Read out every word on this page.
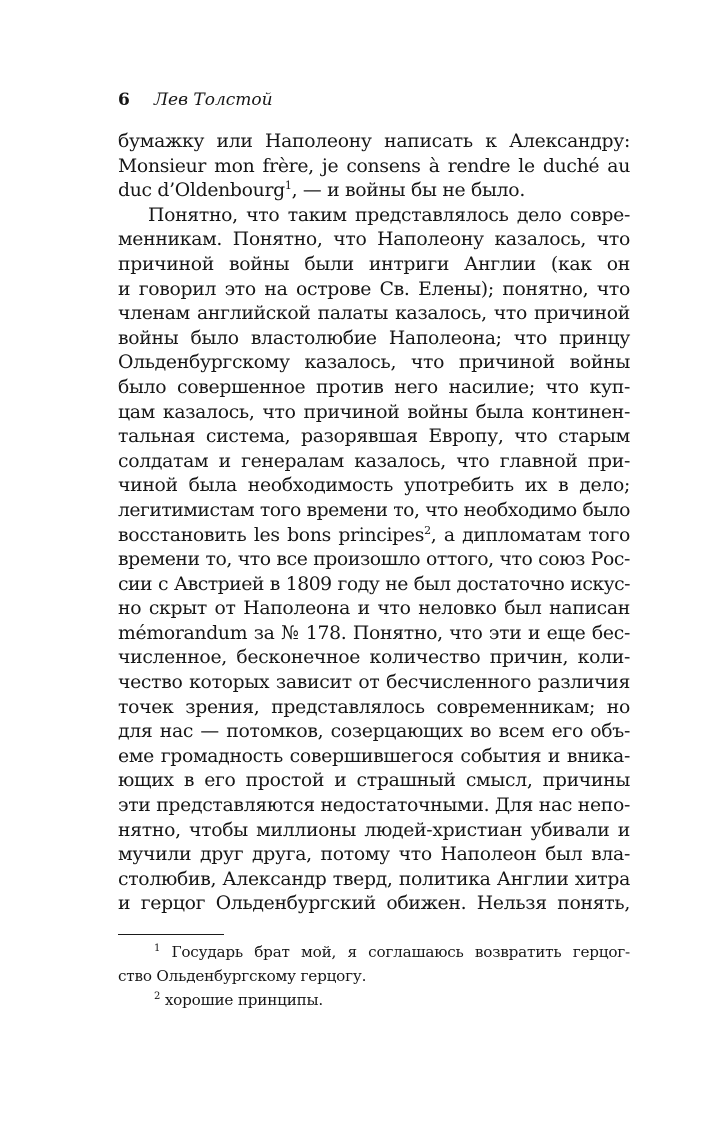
6 Лев Толстой
бумажку или Наполеону написать к Александру:
Monsieur mon frère, je consens à rendre le duché au
duc d’Oldenbourg$^1$, — и войны бы не было.
Понятно, что таким представлялось дело совре-
менникам. Понятно, что Наполеону казалось, что
причиной войны были интриги Англии (как он
и говорил это на острове Св. Елены); понятно, что
членам английской палаты казалось, что причиной
войны было властолюбие Наполеона; что принцу
Ольденбургскому казалось, что причиной войны
было совершенное против него насилие; что куп-
цам казалось, что причиной войны была континен-
тальная система, разорявшая Европу, что старым
солдатам и генералам казалось, что главной при-
чиной была необходимость употребить их в дело;
легитимистам того времени то, что необходимо было
восстановить les bons principes$^2$, а дипломатам того
времени то, что все произошло оттого, что союз Рос-
сии с Австрией в 1809 году не был достаточно искус-
но скрыт от Наполеона и что неловко был написан
mémorandum за № 178. Понятно, что эти и еще бес-
численное, бесконечное количество причин, коли-
чество которых зависит от бесчисленного различия
точек зрения, представлялось современникам; но
для нас — потомков, созерцающих во всем его объ-
еме громадность совершившегося события и вника-
ющих в его простой и страшный смысл, причины
эти представляются недостаточными. Для нас непо-
нятно, чтобы миллионы людей-христиан убивали и
мучили друг друга, потому что Наполеон был вла-
столюбив, Александр тверд, политика Англии хитра
и герцог Ольденбургский обижен. Нельзя понять,
$^1$ Государь брат мой, я соглашаюсь возвратить герцог-
ство Ольденбургскому герцогу.
$^2$ хорошие принципы.
